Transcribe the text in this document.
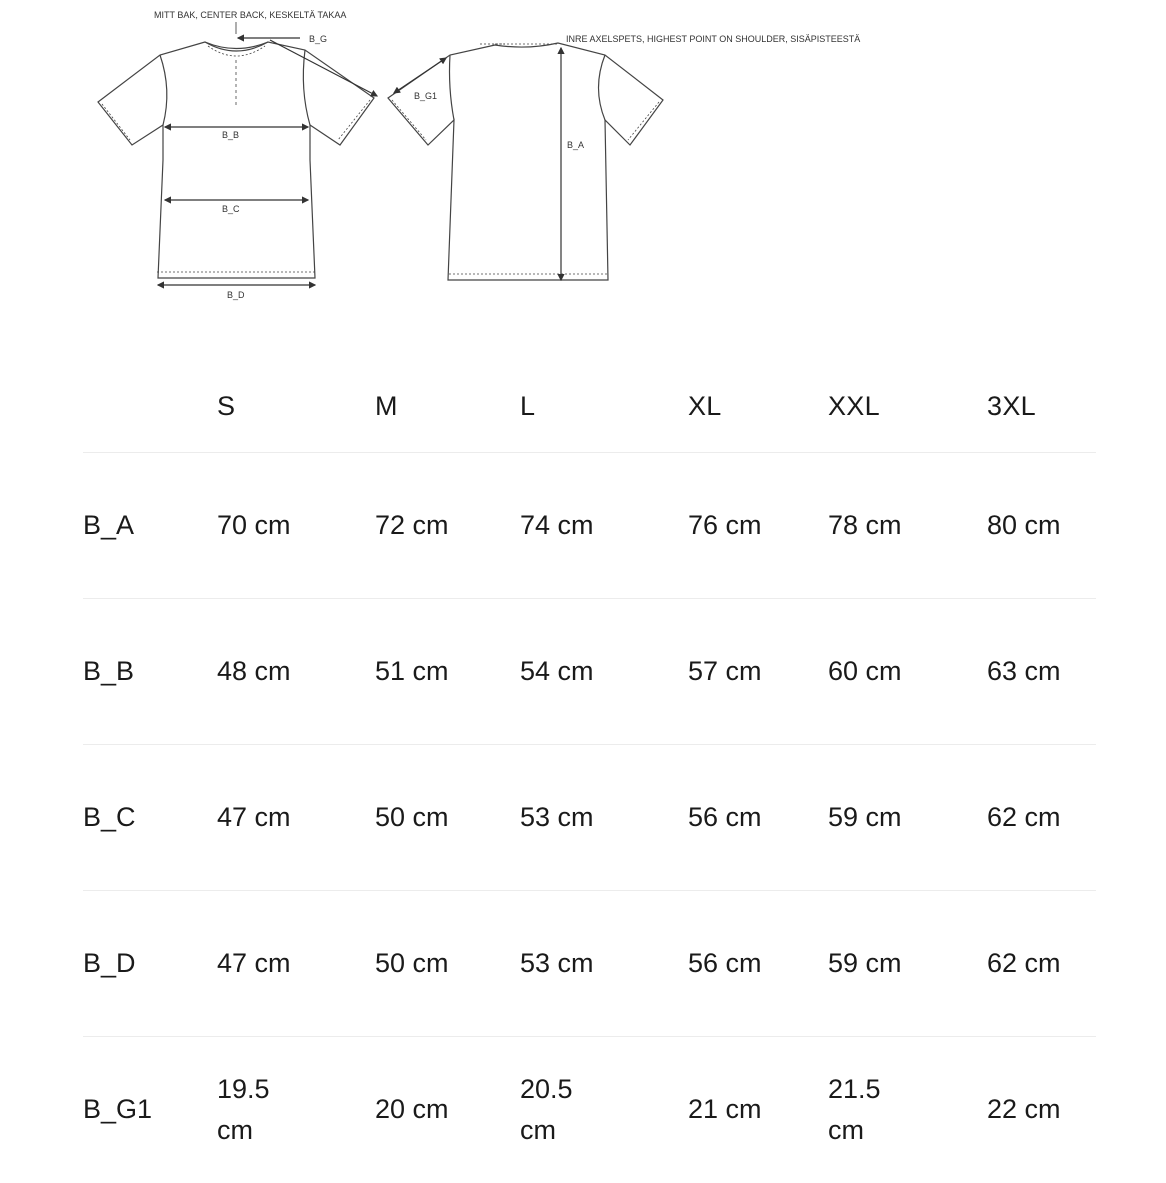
MITT BAK, CENTER BACK, KESKELTÄ TAKAA
B_G
B_B
B_C
B_D
INRE AXELSPETS, HIGHEST POINT ON SHOULDER, SISÄPISTEESTÄ
B_G1
B_A
	S	M	L	XL	XXL	3XL
B_A	70 cm	72 cm	74 cm	76 cm	78 cm	80 cm
B_B	48 cm	51 cm	54 cm	57 cm	60 cm	63 cm
B_C	47 cm	50 cm	53 cm	56 cm	59 cm	62 cm
B_D	47 cm	50 cm	53 cm	56 cm	59 cm	62 cm
B_G1	19.5 cm	20 cm	20.5 cm	21 cm	21.5 cm	22 cm
